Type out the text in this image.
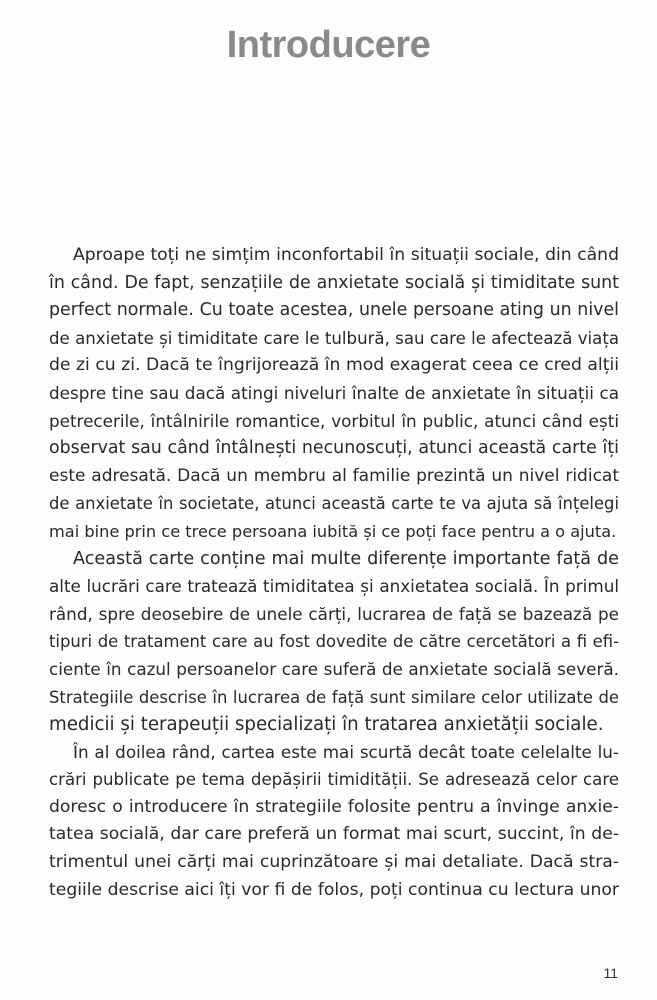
Introducere
Aproape toți ne simțim inconfortabil în situații sociale, din când
în când. De fapt, senzațiile de anxietate socială și timiditate sunt
perfect normale. Cu toate acestea, unele persoane ating un nivel
de anxietate și timiditate care le tulbură, sau care le afectează viața
de zi cu zi. Dacă te îngrijorează în mod exagerat ceea ce cred alții
despre tine sau dacă atingi niveluri înalte de anxietate în situații ca
petrecerile, întâlnirile romantice, vorbitul în public, atunci când ești
observat sau când întâlnești necunoscuți, atunci această carte îți
este adresată. Dacă un membru al familie prezintă un nivel ridicat
de anxietate în societate, atunci această carte te va ajuta să înțelegi
mai bine prin ce trece persoana iubită și ce poți face pentru a o ajuta.
Această carte conține mai multe diferențe importante față de
alte lucrări care tratează timiditatea și anxietatea socială. În primul
rând, spre deosebire de unele cărți, lucrarea de față se bazează pe
tipuri de tratament care au fost dovedite de către cercetători a fi efi-
ciente în cazul persoanelor care suferă de anxietate socială severă.
Strategiile descrise în lucrarea de față sunt similare celor utilizate de
medicii și terapeuții specializați în tratarea anxietății sociale.
În al doilea rând, cartea este mai scurtă decât toate celelalte lu-
crări publicate pe tema depășirii timidității. Se adresează celor care
doresc o introducere în strategiile folosite pentru a învinge anxie-
tatea socială, dar care preferă un format mai scurt, succint, în de-
trimentul unei cărți mai cuprinzătoare și mai detaliate. Dacă stra-
tegiile descrise aici îți vor fi de folos, poți continua cu lectura unor

11
